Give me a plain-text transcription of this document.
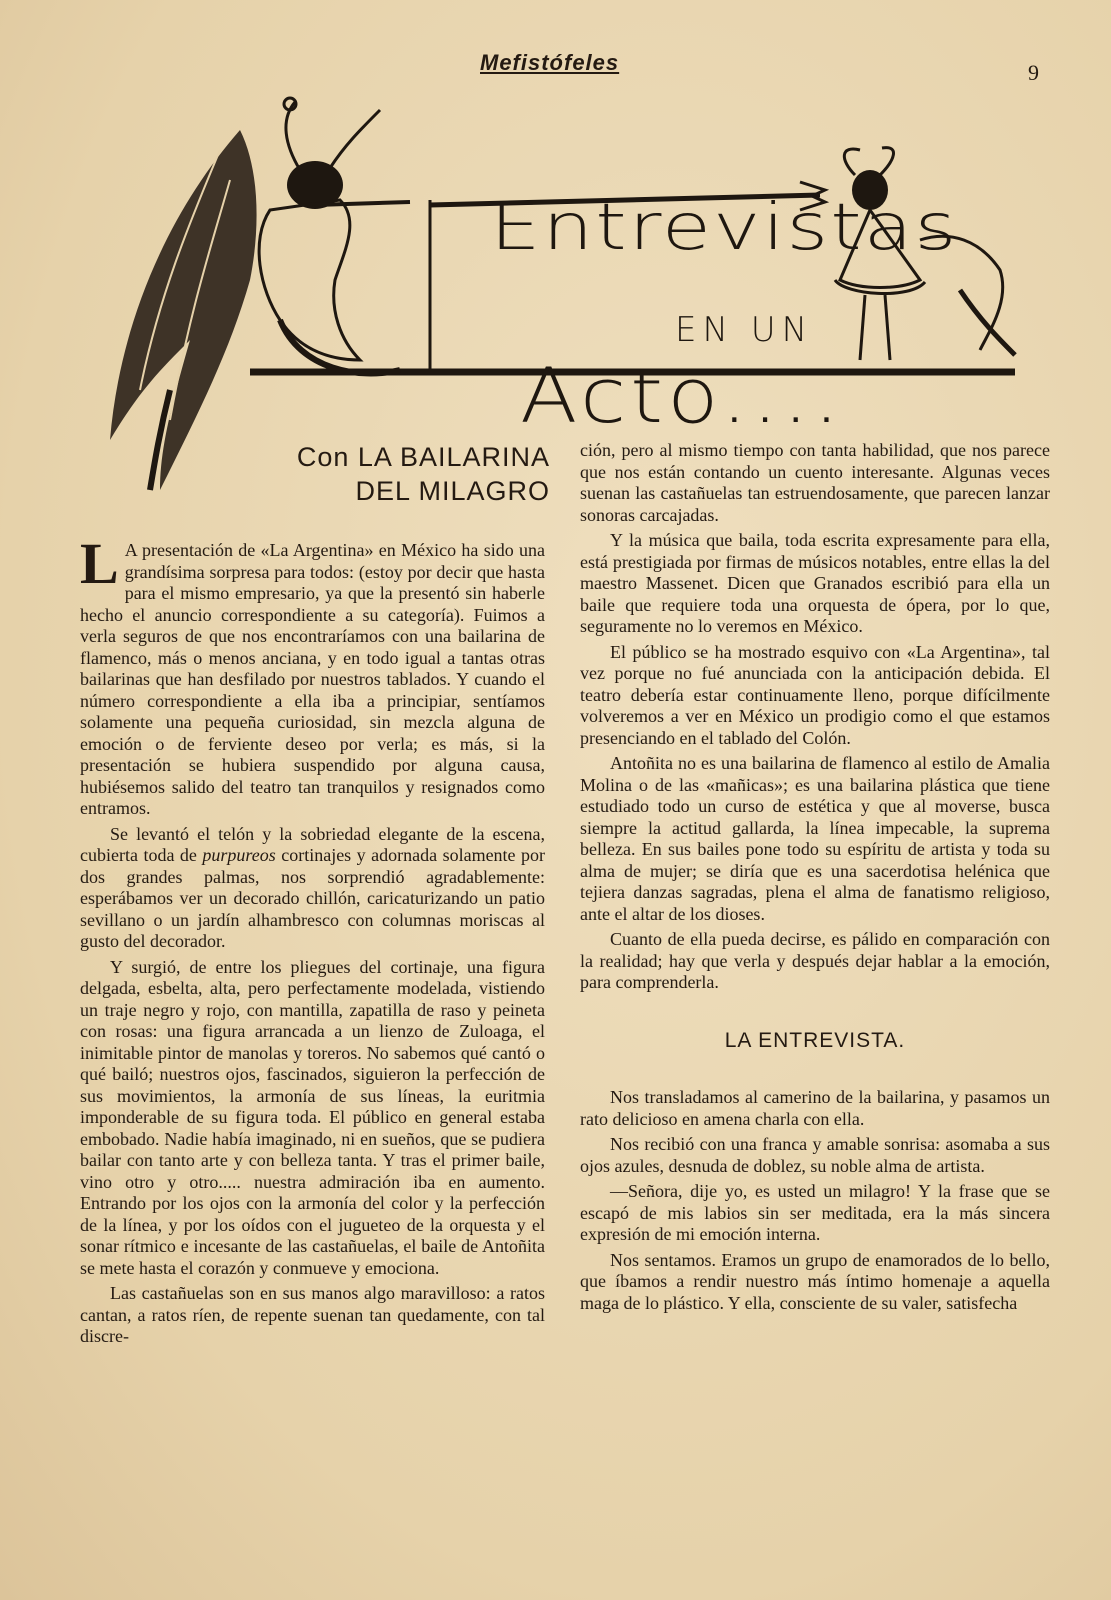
Mefistófeles	9
Entrevistas
EN UN
Acto....
Con LA BAILARINA
DEL MILAGRO

L A presentación de «La Argentina» en México ha sido una grandísima sorpresa para todos: (estoy por decir que hasta para el mismo empresario, ya que la presentó sin haberle hecho el anuncio correspondiente a su categoría). Fuimos a verla seguros de que nos encontraríamos con una bailarina de flamenco, más o menos anciana, y en todo igual a tantas otras bailarinas que han desfilado por nuestros tablados. Y cuando el número correspondiente a ella iba a principiar, sentíamos solamente una pequeña curiosidad, sin mezcla alguna de emoción o de ferviente deseo por verla; es más, si la presentación se hubiera suspendido por alguna causa, hubiésemos salido del teatro tan tranquilos y resignados como entramos.

Se levantó el telón y la sobriedad elegante de la escena, cubierta toda de purpureos cortinajes y adornada solamente por dos grandes palmas, nos sorprendió agradablemente: esperábamos ver un decorado chillón, caricaturizando un patio sevillano o un jardín alhambresco con columnas moriscas al gusto del decorador.

Y surgió, de entre los pliegues del cortinaje, una figura delgada, esbelta, alta, pero perfectamente modelada, vistiendo un traje negro y rojo, con mantilla, zapatilla de raso y peineta con rosas: una figura arrancada a un lienzo de Zuloaga, el inimitable pintor de manolas y toreros. No sabemos qué cantó o qué bailó; nuestros ojos, fascinados, siguieron la perfección de sus movimientos, la armonía de sus líneas, la euritmia imponderable de su figura toda. El público en general estaba embobado. Nadie había imaginado, ni en sueños, que se pudiera bailar con tanto arte y con belleza tanta. Y tras el primer baile, vino otro y otro..... nuestra admiración iba en aumento. Entrando por los ojos con la armonía del color y la perfección de la línea, y por los oídos con el jugueteo de la orquesta y el sonar rítmico e incesante de las castañuelas, el baile de Antoñita se mete hasta el corazón y conmueve y emociona.

Las castañuelas son en sus manos algo maravilloso: a ratos cantan, a ratos ríen, de repente suenan tan quedamente, con tal discre-

ción, pero al mismo tiempo con tanta habilidad, que nos parece que nos están contando un cuento interesante. Algunas veces suenan las castañuelas tan estruendosamente, que parecen lanzar sonoras carcajadas.

Y la música que baila, toda escrita expresamente para ella, está prestigiada por firmas de músicos notables, entre ellas la del maestro Massenet. Dicen que Granados escribió para ella un baile que requiere toda una orquesta de ópera, por lo que, seguramente no lo veremos en México.

El público se ha mostrado esquivo con «La Argentina», tal vez porque no fué anunciada con la anticipación debida. El teatro debería estar continuamente lleno, porque difícilmente volveremos a ver en México un prodigio como el que estamos presenciando en el tablado del Colón.

Antoñita no es una bailarina de flamenco al estilo de Amalia Molina o de las «mañicas»; es una bailarina plástica que tiene estudiado todo un curso de estética y que al moverse, busca siempre la actitud gallarda, la línea impecable, la suprema belleza. En sus bailes pone todo su espíritu de artista y toda su alma de mujer; se diría que es una sacerdotisa helénica que tejiera danzas sagradas, plena el alma de fanatismo religioso, ante el altar de los dioses.

Cuanto de ella pueda decirse, es pálido en comparación con la realidad; hay que verla y después dejar hablar a la emoción, para comprenderla.

LA ENTREVISTA.

Nos transladamos al camerino de la bailarina, y pasamos un rato delicioso en amena charla con ella.

Nos recibió con una franca y amable sonrisa: asomaba a sus ojos azules, desnuda de doblez, su noble alma de artista.

—Señora, dije yo, es usted un milagro! Y la frase que se escapó de mis labios sin ser meditada, era la más sincera expresión de mi emoción interna.

Nos sentamos. Eramos un grupo de enamorados de lo bello, que íbamos a rendir nuestro más íntimo homenaje a aquella maga de lo plástico. Y ella, consciente de su valer, satisfecha
